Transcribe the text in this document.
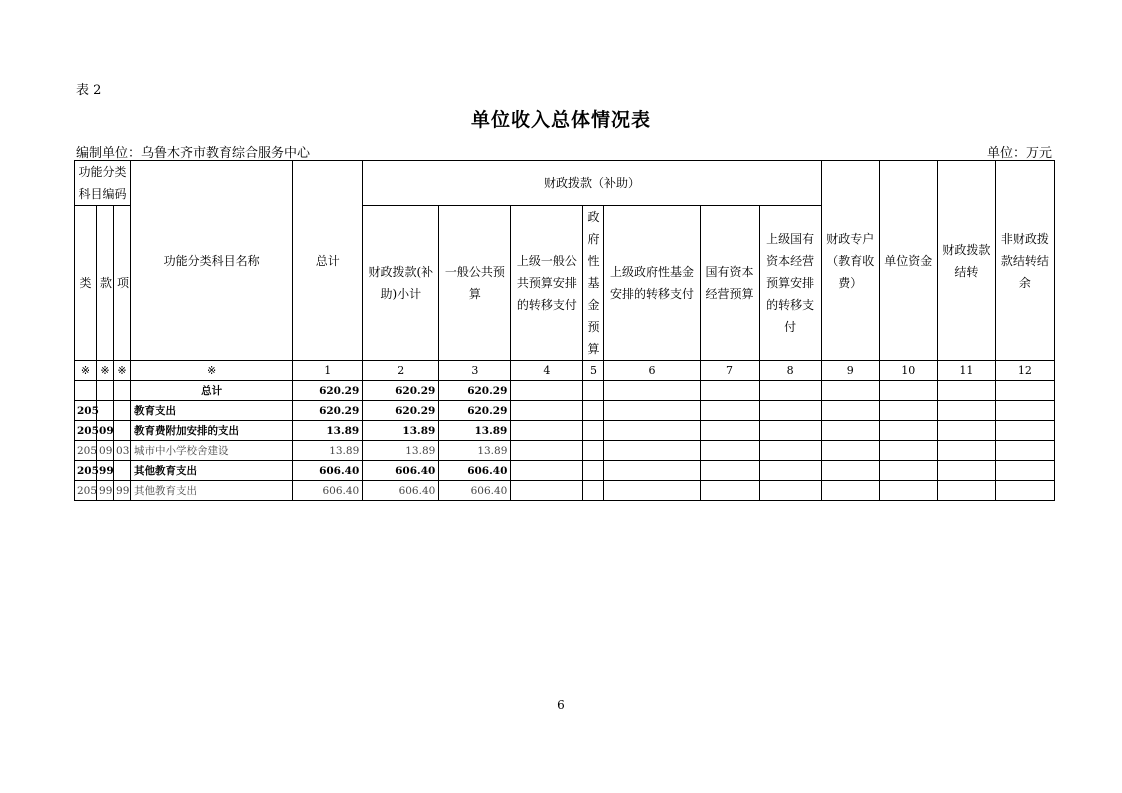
表 2
单位收入总体情况表
编制单位：乌鲁木齐市教育综合服务中心	单位：万元
功能分类科目编码			功能分类科目名称	总计	财政拨款（补助）							财政专户（教育收费）	单位资金	财政拨款结转	非财政拨款结转结余
类	款	项			财政拨款(补助)小计	一般公共预算	上级一般公共预算安排的转移支付	政府性基金预算	上级政府性基金安排的转移支付	国有资本经营预算	上级国有资本经营预算安排的转移支付				
※	※	※	※	1	2	3	4	5	6	7	8	9	10	11	12
			总计	620.29	620.29	620.29									
205			教育支出	620.29	620.29	620.29									
205	09		教育费附加安排的支出	13.89	13.89	13.89									
205	09	03	城市中小学校舍建设	13.89	13.89	13.89									
205	99		其他教育支出	606.40	606.40	606.40									
205	99	99	其他教育支出	606.40	606.40	606.40									
6
